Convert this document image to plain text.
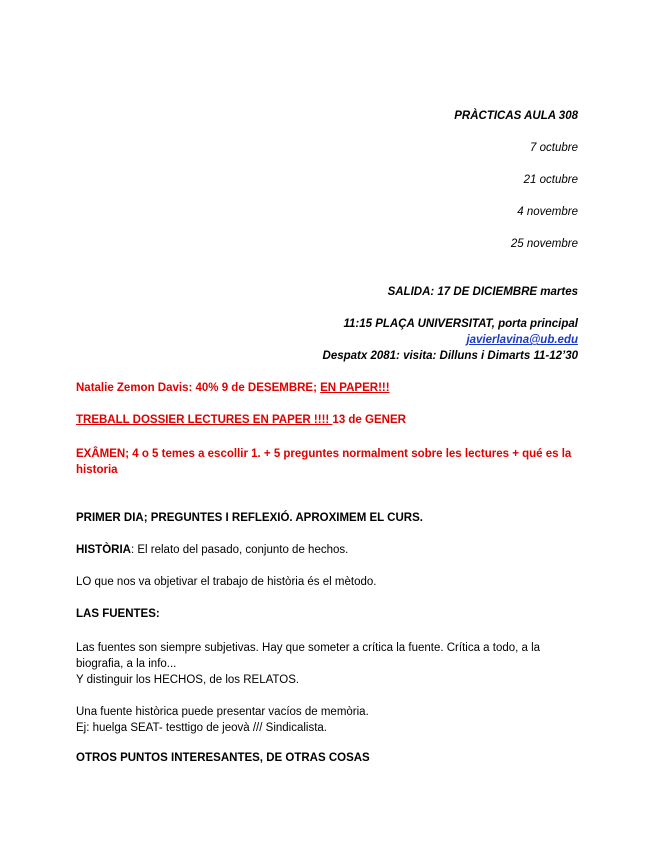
PRÀCTICAS AULA 308
7 octubre
21 octubre
4 novembre
25 novembre
SALIDA: 17 DE DICIEMBRE martes
11:15 PLAÇA UNIVERSITAT, porta principal
javierlavina@ub.edu
Despatx 2081: visita: Dilluns i Dimarts 11-12’30
Natalie Zemon Davis: 40% 9 de DESEMBRE; EN PAPER!!!
TREBALL DOSSIER LECTURES EN PAPER !!!! 13 de GENER
EXÂMEN; 4 o 5 temes a escollir 1. + 5 preguntes normalment sobre les lectures + qué es la historia
PRIMER DIA; PREGUNTES I REFLEXIÓ. APROXIMEM EL CURS.
HISTÒRIA: El relato del pasado, conjunto de hechos.
LO que nos va objetivar el trabajo de història és el mètodo.
LAS FUENTES:
Las fuentes son siempre subjetivas. Hay que someter a crítica la fuente. Crítica a todo, a la biografia, a la info...
Y distinguir los HECHOS, de los RELATOS.
Una fuente històrica puede presentar vacíos de memòria.
Ej: huelga SEAT- testtigo de jeovà /// Sindicalista.
OTROS PUNTOS INTERESANTES, DE OTRAS COSAS
